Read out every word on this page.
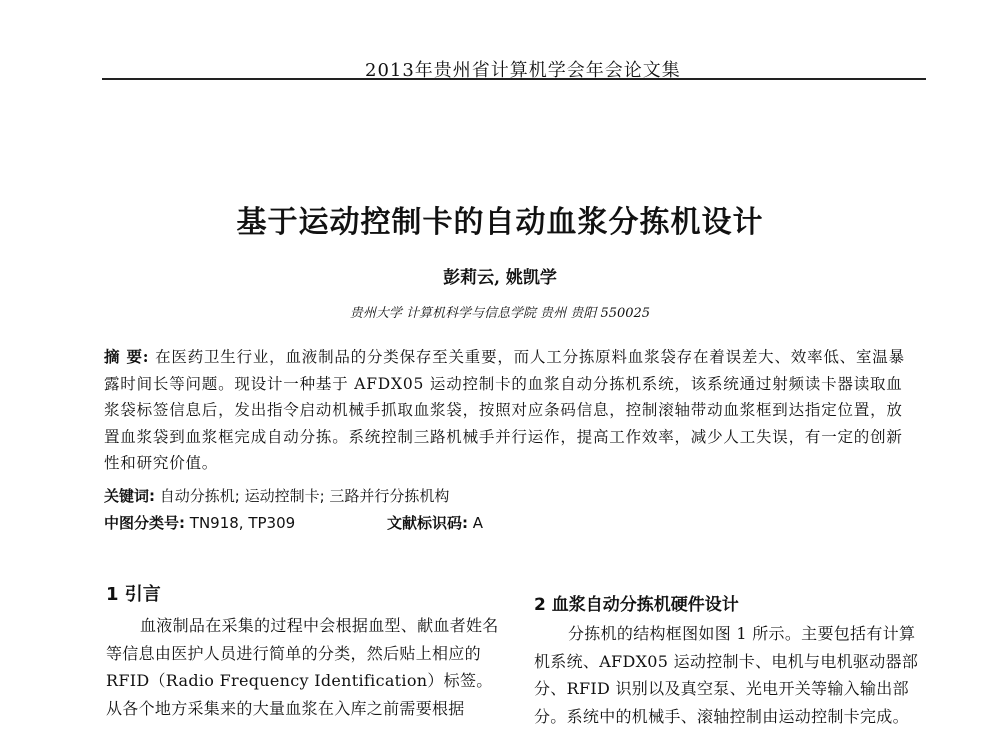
2013年贵州省计算机学会年会论文集
基于运动控制卡的自动血浆分拣机设计
彭莉云, 姚凯学
贵州大学 计算机科学与信息学院 贵州 贵阳 550025
摘 要: 在医药卫生行业，血液制品的分类保存至关重要，而人工分拣原料血浆袋存在着误差大、效率低、室温暴露时间长等问题。现设计一种基于 AFDX05 运动控制卡的血浆自动分拣机系统，该系统通过射频读卡器读取血浆袋标签信息后，发出指令启动机械手抓取血浆袋，按照对应条码信息，控制滚轴带动血浆框到达指定位置，放置血浆袋到血浆框完成自动分拣。系统控制三路机械手并行运作，提高工作效率，减少人工失误，有一定的创新性和研究价值。
关键词: 自动分拣机; 运动控制卡; 三路并行分拣机构
中图分类号: TN918, TP309	文献标识码: A
1 引言
血液制品在采集的过程中会根据血型、献血者姓名等信息由医护人员进行简单的分类，然后贴上相应的 RFID（Radio Frequency Identification）标签。从各个地方采集来的大量血浆在入库之前需要根据
2 血浆自动分拣机硬件设计
分拣机的结构框图如图 1 所示。主要包括有计算机系统、AFDX05 运动控制卡、电机与电机驱动器部分、RFID 识别以及真空泵、光电开关等输入输出部分。系统中的机械手、滚轴控制由运动控制卡完成。
